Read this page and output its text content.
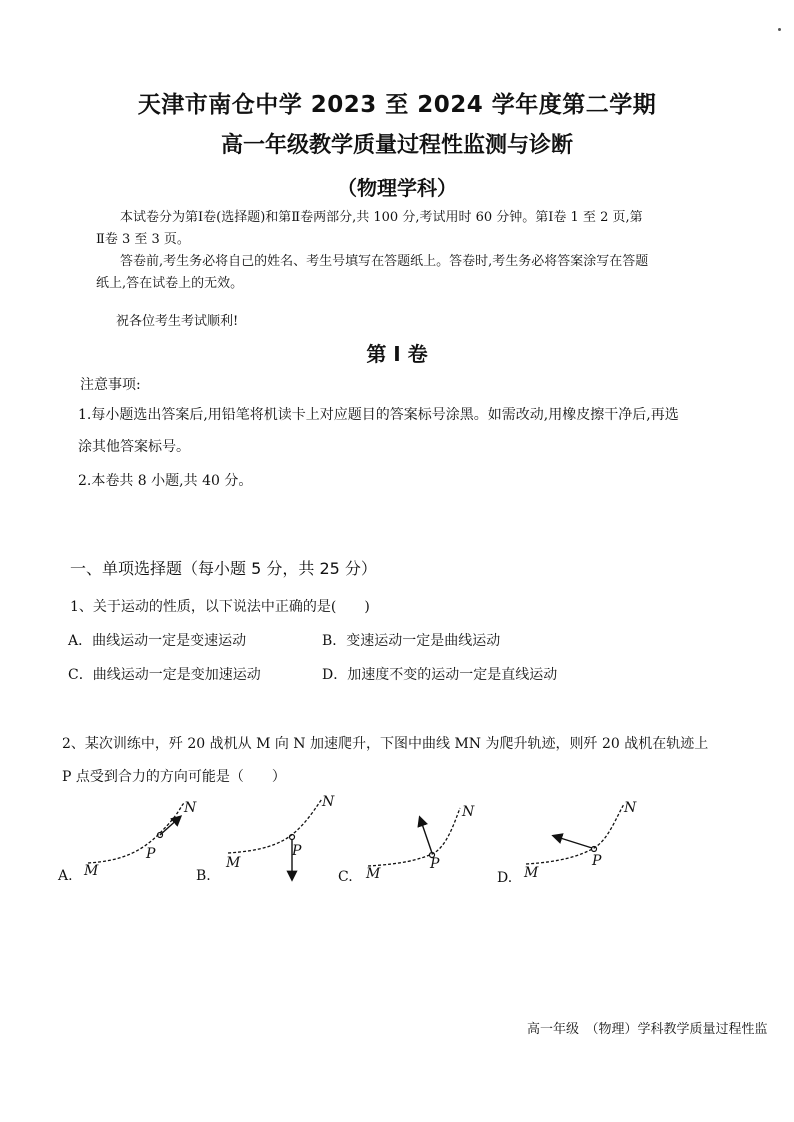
天津市南仓中学 2023 至 2024 学年度第二学期
高一年级教学质量过程性监测与诊断
（物理学科）
本试卷分为第Ⅰ卷(选择题)和第Ⅱ卷两部分,共 100 分,考试用时 60 分钟。第Ⅰ卷 1 至 2 页,第
Ⅱ卷 3 至 3 页。
答卷前,考生务必将自己的姓名、考生号填写在答题纸上。答卷时,考生务必将答案涂写在答题
纸上,答在试卷上的无效。
祝各位考生考试顺利!
第 Ⅰ 卷
注意事项:
1.每小题选出答案后,用铅笔将机读卡上对应题目的答案标号涂黑。如需改动,用橡皮擦干净后,再选
涂其他答案标号。
2.本卷共 8 小题,共 40 分。
一、单项选择题（每小题 5 分，共 25 分）
1、关于运动的性质，以下说法中正确的是(　　)
A．曲线运动一定是变速运动	B．变速运动一定是曲线运动
C．曲线运动一定是变加速运动	D．加速度不变的运动一定是直线运动
2、某次训练中，歼 20 战机从 M 向 N 加速爬升，下图中曲线 MN 为爬升轨迹，则歼 20 战机在轨迹上
P 点受到合力的方向可能是（　　）
A. M
N
P
B.
M
N
P
C. M
N
P
D. M
N
P
高一年级　（物理）学科教学质量过程性监
